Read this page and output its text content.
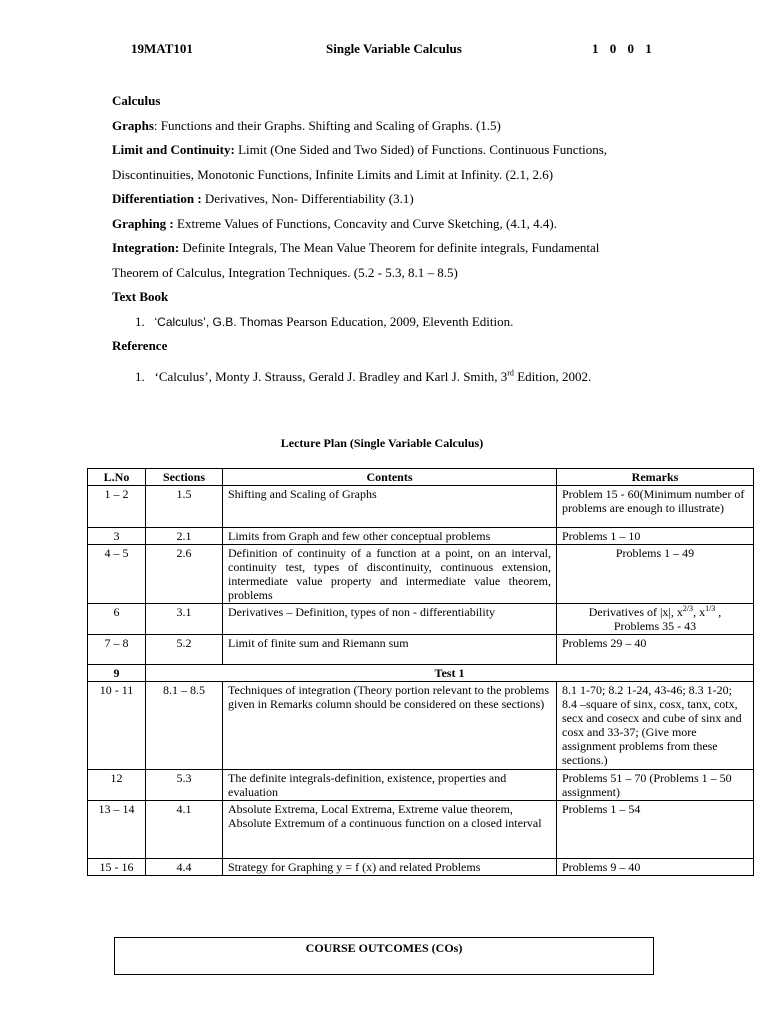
19MAT101	Single Variable Calculus	1 0 0 1

Calculus

Graphs: Functions and their Graphs. Shifting and Scaling of Graphs. (1.5)

Limit and Continuity: Limit (One Sided and Two Sided) of Functions. Continuous Functions,

Discontinuities, Monotonic Functions, Infinite Limits and Limit at Infinity. (2.1, 2.6)

Differentiation : Derivatives, Non- Differentiability (3.1)

Graphing : Extreme Values of Functions, Concavity and Curve Sketching, (4.1, 4.4).

Integration: Definite Integrals, The Mean Value Theorem for definite integrals, Fundamental

Theorem of Calculus, Integration Techniques. (5.2 - 5.3, 8.1 – 8.5)

Text Book

1. ‘Calculus’, G.B. Thomas Pearson Education, 2009, Eleventh Edition.

Reference

1. ‘Calculus’, Monty J. Strauss, Gerald J. Bradley and Karl J. Smith, 3rd Edition, 2002.

Lecture Plan (Single Variable Calculus)
L.No	Sections	Contents	Remarks
1 – 2	1.5	Shifting and Scaling of Graphs	Problem 15 - 60(Minimum number of problems are enough to illustrate)
3	2.1	Limits from Graph and few other conceptual problems	Problems 1 – 10
4 – 5	2.6	Definition of continuity of a function at a point, on an interval, continuity test, types of discontinuity, continuous extension, intermediate value property and intermediate value theorem, problems	Problems 1 – 49
6	3.1	Derivatives – Definition, types of non - differentiability	Derivatives of |x|, $x^{2/3}$, $x^{1/3}$ ,
Problems 35 - 43
7 – 8	5.2	Limit of finite sum and Riemann sum	Problems 29 – 40
9	Test 1		
10 - 11	8.1 – 8.5	Techniques of integration (Theory portion relevant to the problems given in Remarks column should be considered on these sections)	8.1 1-70; 8.2 1-24, 43-46; 8.3 1-20; 8.4 –square of sinx, cosx, tanx, cotx, secx and cosecx and cube of sinx and cosx and 33-37; (Give more assignment problems from these sections.)
12	5.3	The definite integrals-definition, existence, properties and evaluation	Problems 51 – 70 (Problems 1 – 50 assignment)
13 – 14	4.1	Absolute Extrema, Local Extrema, Extreme value theorem, Absolute Extremum of a continuous function on a closed interval	Problems 1 – 54
15 - 16	4.4	Strategy for Graphing y = f (x) and related Problems	Problems 9 – 40
COURSE OUTCOMES (COs)
